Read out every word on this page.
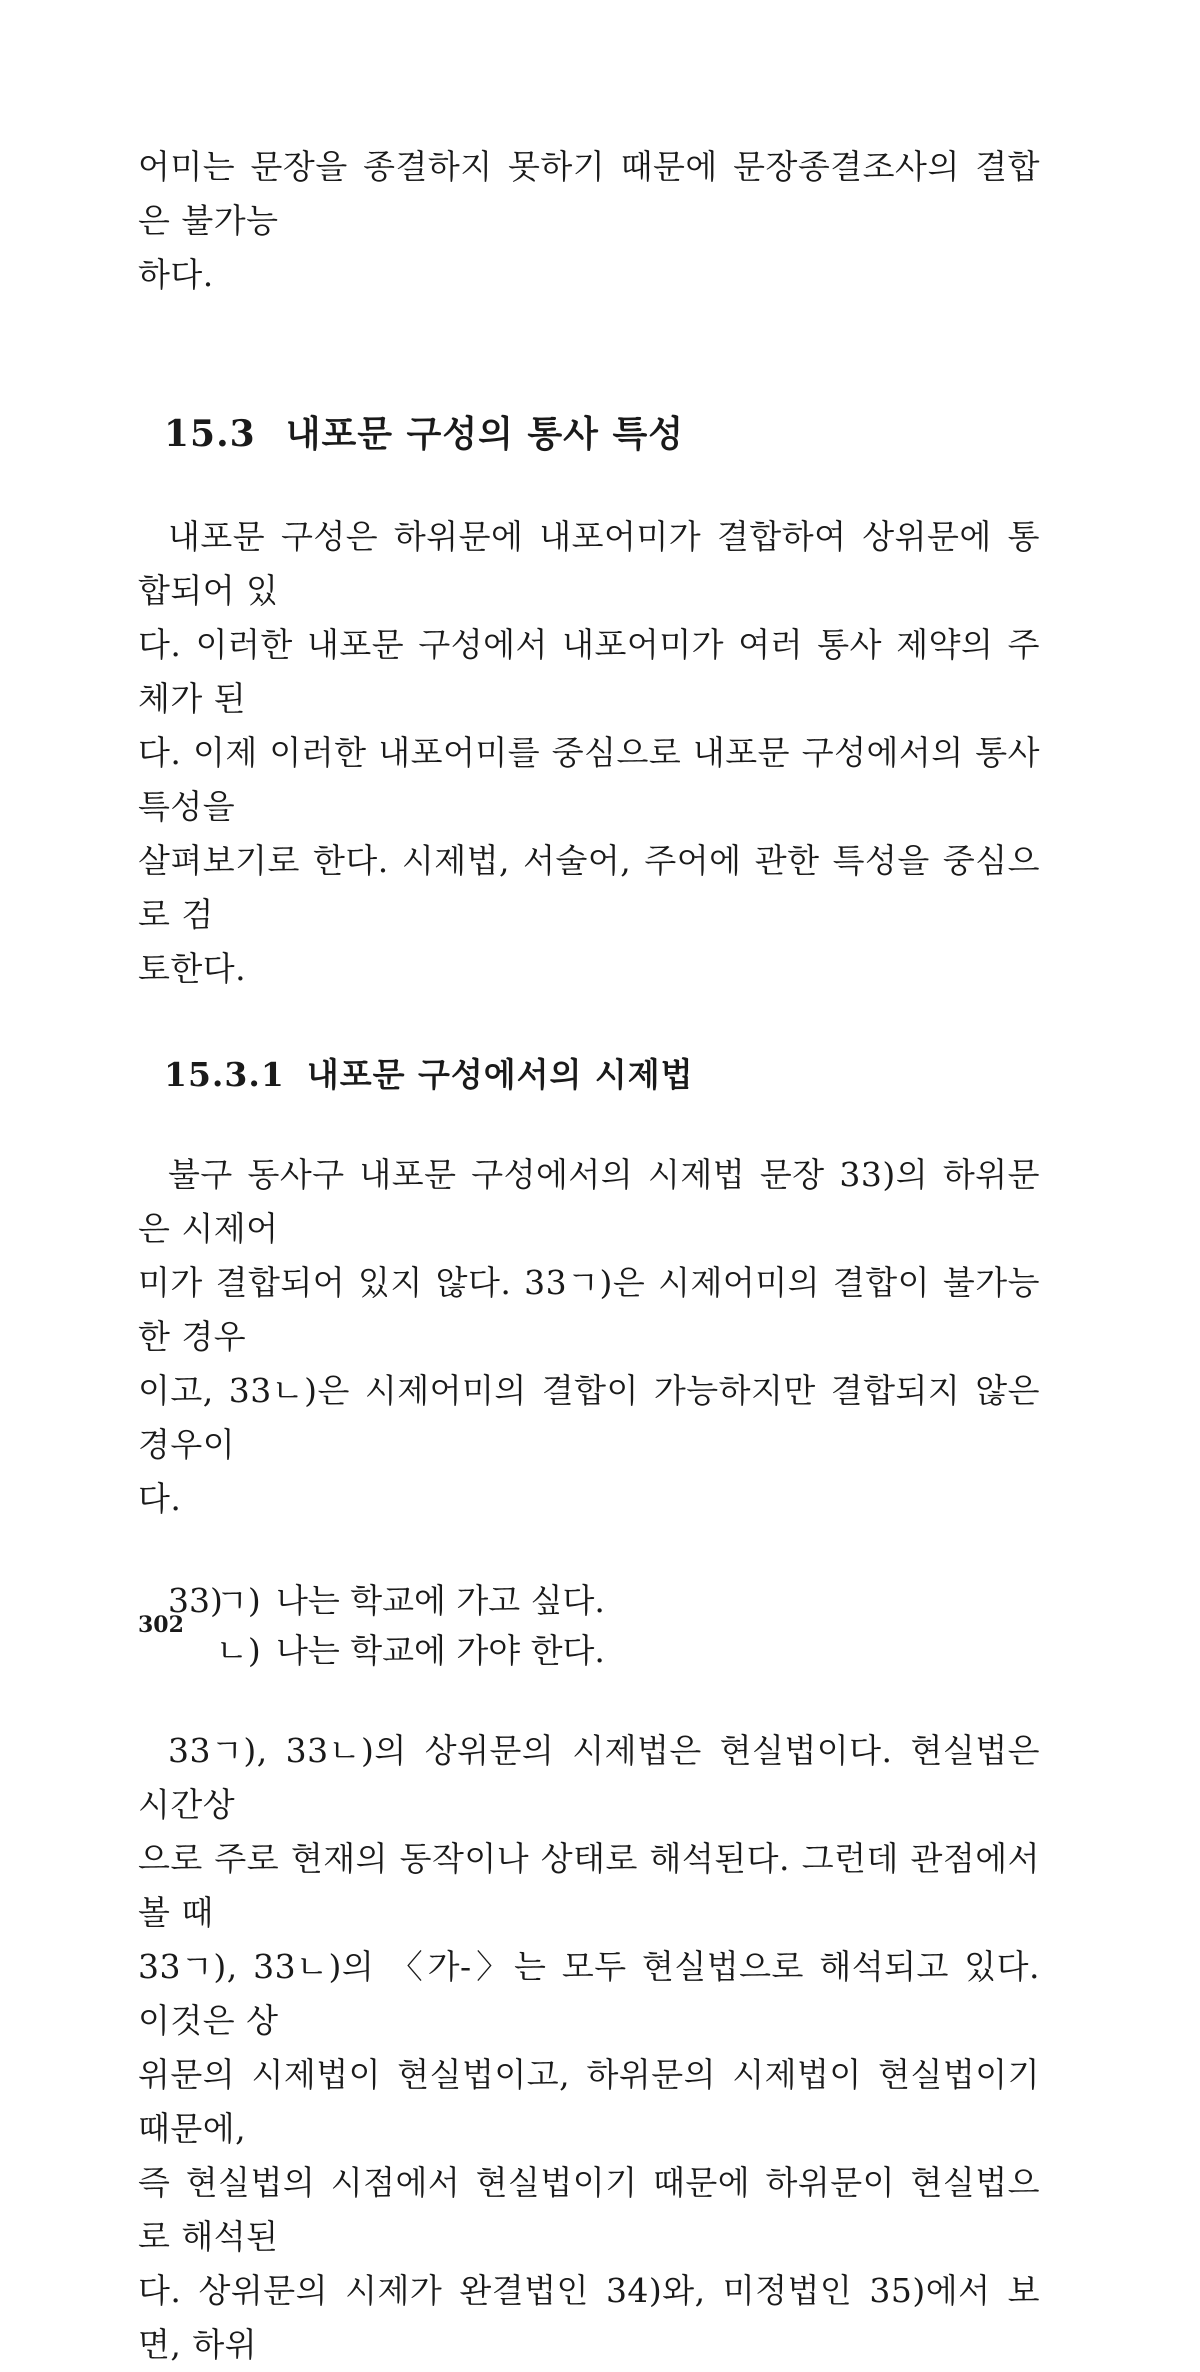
어미는 문장을 종결하지 못하기 때문에 문장종결조사의 결합은 불가능

하다.

15.3 내포문 구성의 통사 특성

내포문 구성은 하위문에 내포어미가 결합하여 상위문에 통합되어 있

다. 이러한 내포문 구성에서 내포어미가 여러 통사 제약의 주체가 된

다. 이제 이러한 내포어미를 중심으로 내포문 구성에서의 통사 특성을

살펴보기로 한다. 시제법, 서술어, 주어에 관한 특성을 중심으로 검

토한다.

15.3.1 내포문 구성에서의 시제법

불구 동사구 내포문 구성에서의 시제법 문장 33)의 하위문은 시제어

미가 결합되어 있지 않다. 33ㄱ)은 시제어미의 결합이 불가능한 경우

이고, 33ㄴ)은 시제어미의 결합이 가능하지만 결합되지 않은 경우이

다.

33)
ㄱ) 나는 학교에 가고 싶다.
ㄴ) 나는 학교에 가야 한다.

33ㄱ), 33ㄴ)의 상위문의 시제법은 현실법이다. 현실법은 시간상

으로 주로 현재의 동작이나 상태로 해석된다. 그런데 관점에서 볼 때

33ㄱ), 33ㄴ)의 〈가-〉는 모두 현실법으로 해석되고 있다. 이것은 상

위문의 시제법이 현실법이고, 하위문의 시제법이 현실법이기 때문에,

즉 현실법의 시점에서 현실법이기 때문에 하위문이 현실법으로 해석된

다. 상위문의 시제가 완결법인 34)와, 미정법인 35)에서 보면, 하위

302
